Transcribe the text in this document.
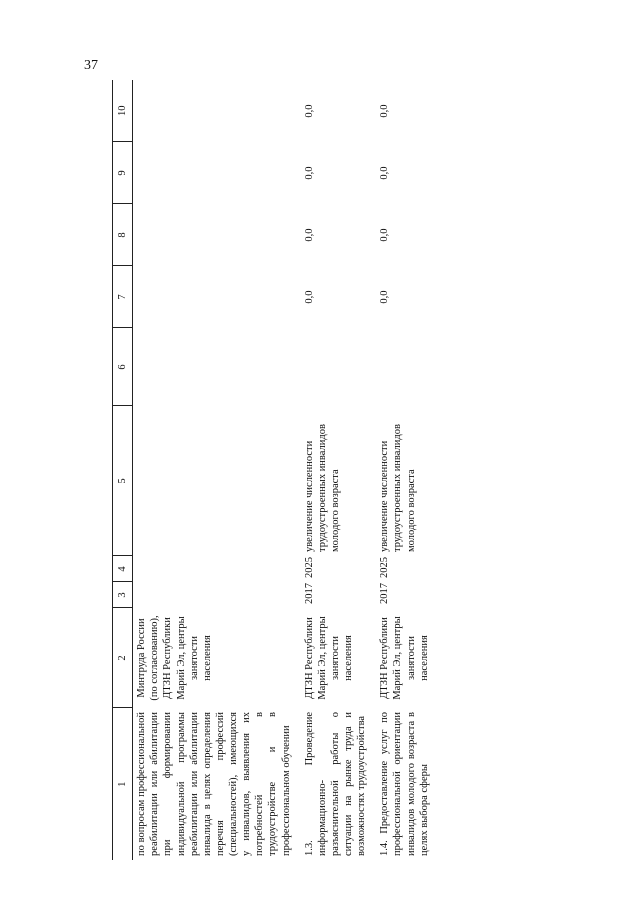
37
1	2	3	4	5	6	7	8	9	10
по вопросам профессиональной реабилитации или абилитации при формировании индивидуальной программы реабилитации или абилитации инвалида в целях определения перечня профессий (специальностей), имеющихся у инвалидов, выявления их потребностей в трудоустройстве и в профессиональном обучении	Минтруда России (по согласованию), ДТЗН Республики Марий Эл, центры занятости населения								

1.3. Проведение информационно-разъяснительной работы о ситуации на рынке труда и возможностях трудоустройства	ДТЗН Республики Марий Эл, центры занятости населения	2017	2025	увеличение численности трудоустроенных инвалидов молодого возраста		0,0	0,0	0,0	0,0

1.4. Предоставление услуг по профессиональной ориентации инвалидов молодого возраста в целях выбора сферы	ДТЗН Республики Марий Эл, центры занятости населения	2017	2025	увеличение численности трудоустроенных инвалидов молодого возраста		0,0	0,0	0,0	0,0
